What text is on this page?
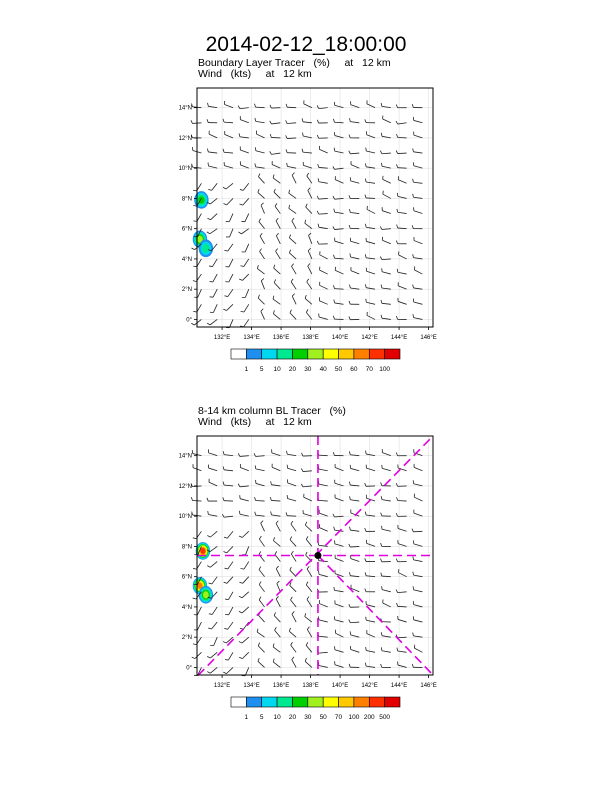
2014-02-12_18:00:00
Boundary Layer Tracer   (%)     at   12 km
Wind   (kts)     at   12 km
8-14 km column BL Tracer   (%)
Wind   (kts)     at   12 km
132°E 134°E 136°E 138°E 140°E 142°E 144°E 146°E
0°
2°N
4°N
6°N
8°N
10°N
12°N
14°N
1 5 10 20 30 40 50 60 70 100
132°E 134°E 136°E 138°E 140°E 142°E 144°E 146°E
0°
2°N
4°N
6°N
8°N
10°N
12°N
14°N
1 5 10 20 30 50 70 100 200 500
